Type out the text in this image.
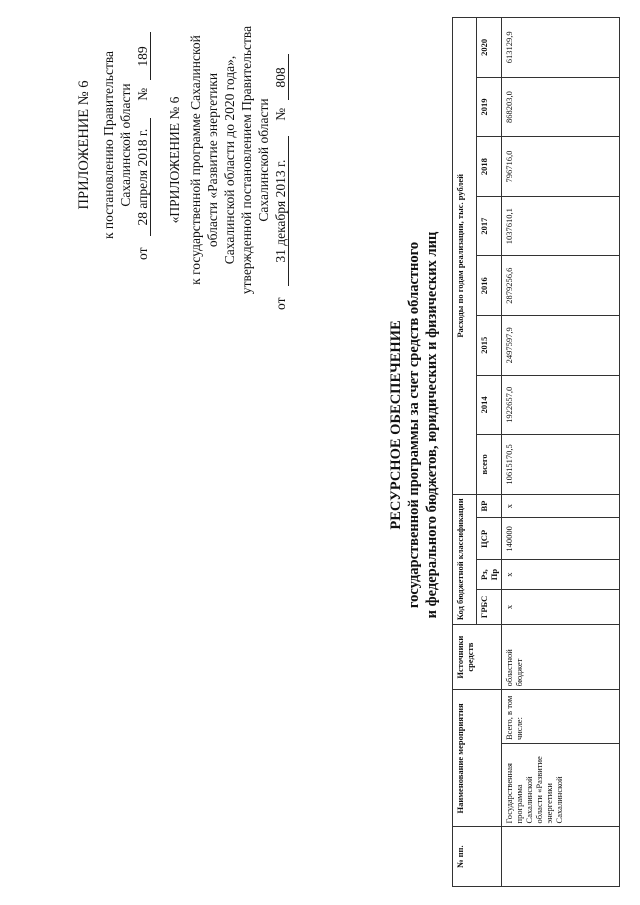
ПРИЛОЖЕНИЕ № 6 к постановлению Правительства Сахалинской области
от 28 апреля 2018 г. № 189
«ПРИЛОЖЕНИЕ № 6 к государственной программе Сахалинской области «Развитие энергетики Сахалинской области до 2020 года», утвержденной постановлением Правительства Сахалинской области
от 31 декабря 2013 г. № 808
РЕСУРСНОЕ ОБЕСПЕЧЕНИЕ государственной программы за счет средств областного и федерального бюджетов, юридических и физических лиц
№ пп.	Наименование мероприятия		Источники средств	Код бюджетной классификации				Расходы по годам реализации, тыс. рублей							
				ГРБС	Рз, Пр	ЦСР	ВР	всего	2014	2015	2016	2017	2018	2019	2020
	Государственная программа Сахалинской области «Развитие энергетики Сахалинской	Всего, в том числе:	областной бюджет	x	x	140000	x	10615170,5	1922657,0	2497597,9	2879256,6	1037610,1	796716,0	868203,0	613129,9
